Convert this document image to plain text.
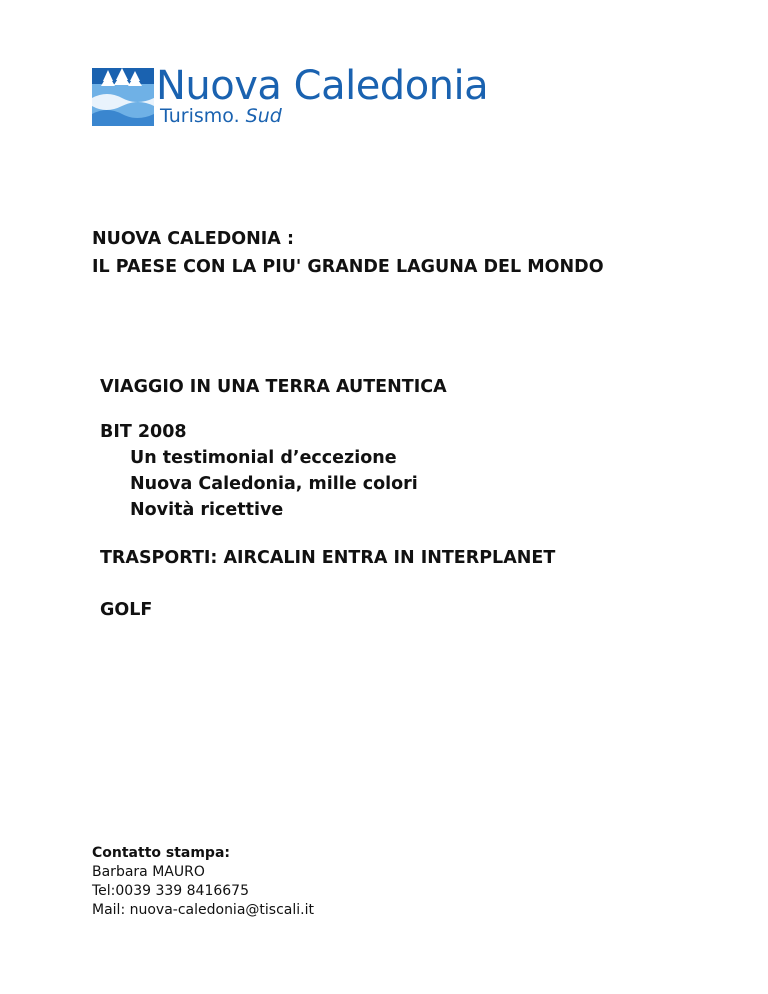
Nuova Caledonia
Turismo. Sud
NUOVA CALEDONIA :
IL PAESE CON LA PIU' GRANDE LAGUNA DEL MONDO
VIAGGIO IN UNA TERRA AUTENTICA
BIT 2008
Un testimonial d’eccezione
Nuova Caledonia, mille colori
Novità ricettive
TRASPORTI: AIRCALIN ENTRA IN INTERPLANET
GOLF
Contatto stampa:
Barbara MAURO
Tel:0039 339 8416675
Mail: nuova-caledonia@tiscali.it
